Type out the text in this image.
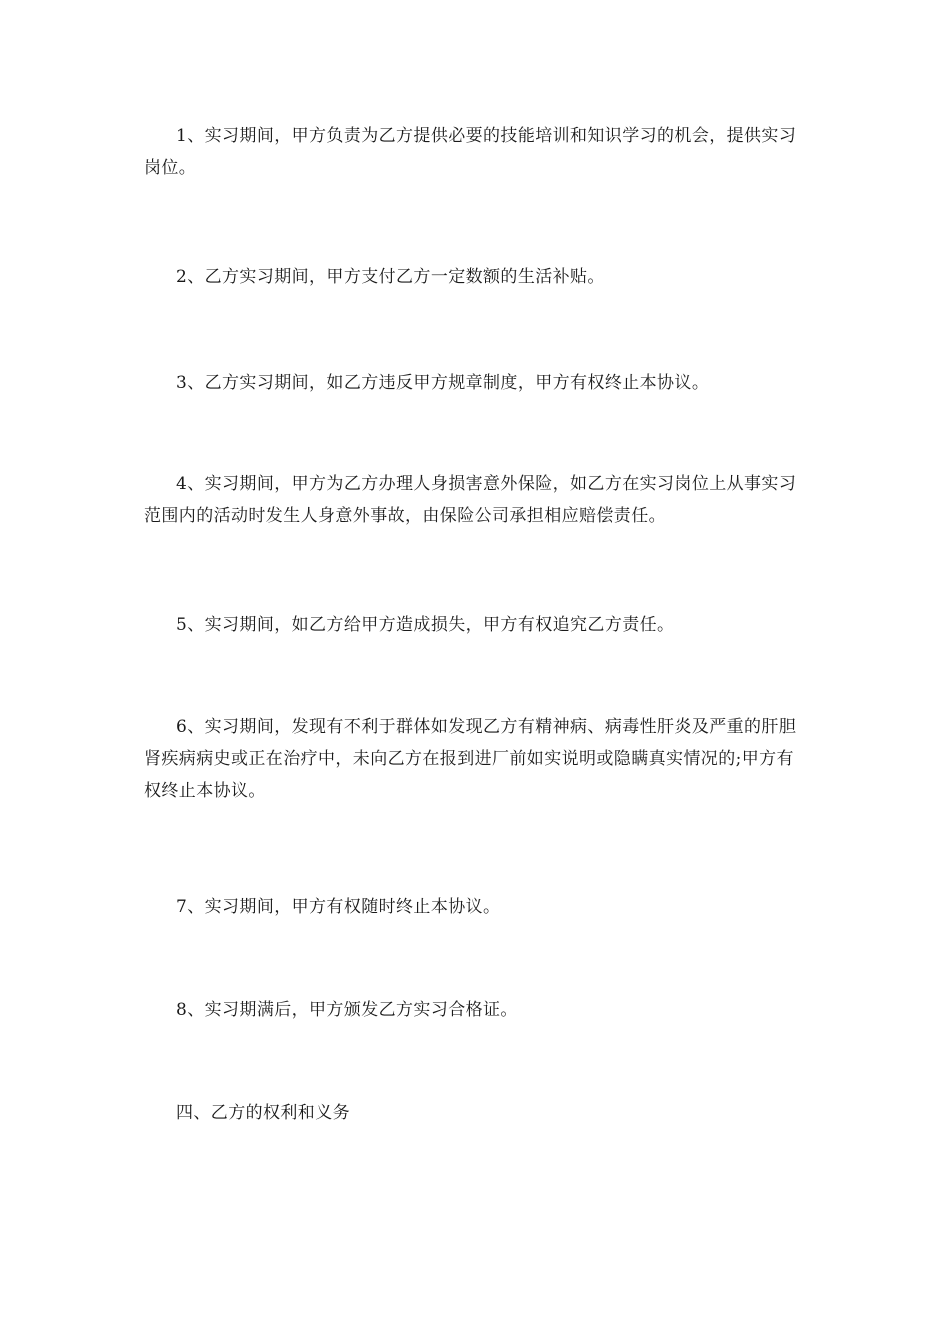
1、实习期间，甲方负责为乙方提供必要的技能培训和知识学习的机会，提供实习岗位。

2、乙方实习期间，甲方支付乙方一定数额的生活补贴。

3、乙方实习期间，如乙方违反甲方规章制度，甲方有权终止本协议。

4、实习期间，甲方为乙方办理人身损害意外保险，如乙方在实习岗位上从事实习范围内的活动时发生人身意外事故，由保险公司承担相应赔偿责任。

5、实习期间，如乙方给甲方造成损失，甲方有权追究乙方责任。

6、实习期间，发现有不利于群体如发现乙方有精神病、病毒性肝炎及严重的肝胆肾疾病病史或正在治疗中，未向乙方在报到进厂前如实说明或隐瞒真实情况的;甲方有权终止本协议。

7、实习期间，甲方有权随时终止本协议。

8、实习期满后，甲方颁发乙方实习合格证。

四、乙方的权利和义务
